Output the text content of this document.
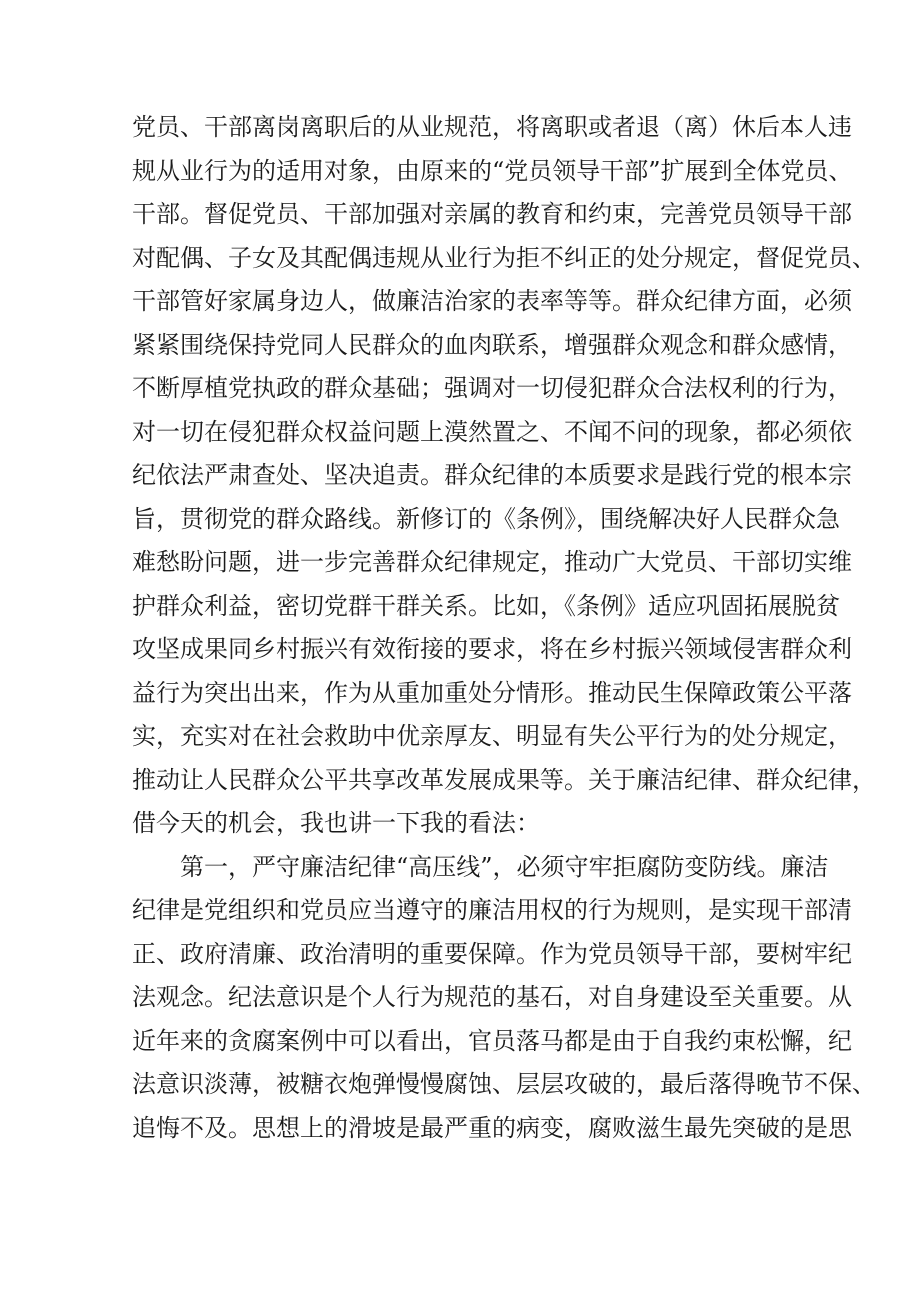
党员、干部离岗离职后的从业规范，将离职或者退（离）休后本人违
规从业行为的适用对象，由原来的“党员领导干部”扩展到全体党员、
干部。督促党员、干部加强对亲属的教育和约束，完善党员领导干部
对配偶、子女及其配偶违规从业行为拒不纠正的处分规定，督促党员、
干部管好家属身边人，做廉洁治家的表率等等。群众纪律方面，必须
紧紧围绕保持党同人民群众的血肉联系，增强群众观念和群众感情，
不断厚植党执政的群众基础；强调对一切侵犯群众合法权利的行为，
对一切在侵犯群众权益问题上漠然置之、不闻不问的现象，都必须依
纪依法严肃查处、坚决追责。群众纪律的本质要求是践行党的根本宗
旨，贯彻党的群众路线。新修订的《条例》，围绕解决好人民群众急
难愁盼问题，进一步完善群众纪律规定，推动广大党员、干部切实维
护群众利益，密切党群干群关系。比如，《条例》适应巩固拓展脱贫
攻坚成果同乡村振兴有效衔接的要求，将在乡村振兴领域侵害群众利
益行为突出出来，作为从重加重处分情形。推动民生保障政策公平落
实，充实对在社会救助中优亲厚友、明显有失公平行为的处分规定，
推动让人民群众公平共享改革发展成果等。关于廉洁纪律、群众纪律，
借今天的机会，我也讲一下我的看法：
第一，严守廉洁纪律“高压线”，必须守牢拒腐防变防线。廉洁
纪律是党组织和党员应当遵守的廉洁用权的行为规则，是实现干部清
正、政府清廉、政治清明的重要保障。作为党员领导干部，要树牢纪
法观念。纪法意识是个人行为规范的基石，对自身建设至关重要。从
近年来的贪腐案例中可以看出，官员落马都是由于自我约束松懈，纪
法意识淡薄，被糖衣炮弹慢慢腐蚀、层层攻破的，最后落得晚节不保、
追悔不及。思想上的滑坡是最严重的病变，腐败滋生最先突破的是思
